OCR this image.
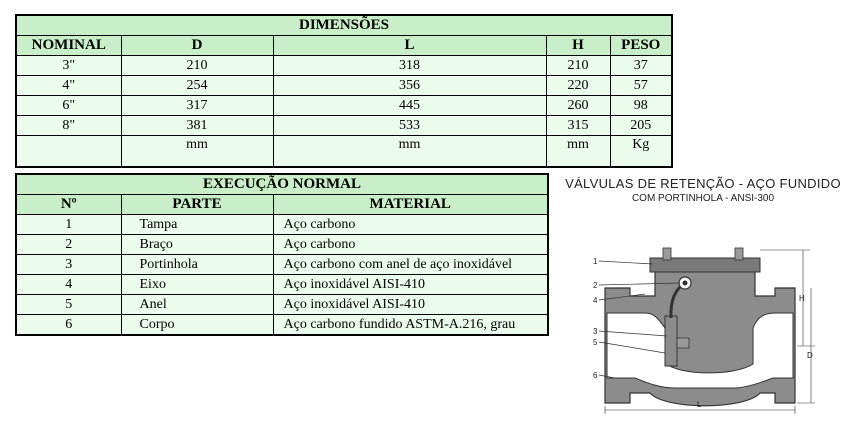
DIMENSÕES				
NOMINAL	D	L	H	PESO
3"	210	318	210	37
4"	254	356	220	57
6"	317	445	260	98
8"	381	533	315	205
	mm	mm	mm	Kg
EXECUÇÃO NORMAL		
Nº	PARTE	MATERIAL
1	Tampa	Aço carbono
2	Braço	Aço carbono
3	Portinhola	Aço carbono com anel de aço inoxidável
4	Eixo	Aço inoxidável AISI-410
5	Anel	Aço inoxidável AISI-410
6	Corpo	Aço carbono fundido ASTM-A.216, grau
VÁLVULAS DE RETENÇÃO - AÇO FUNDIDO
COM PORTINHOLA - ANSI-300
1
2
4
3
5
6
H
D
L
